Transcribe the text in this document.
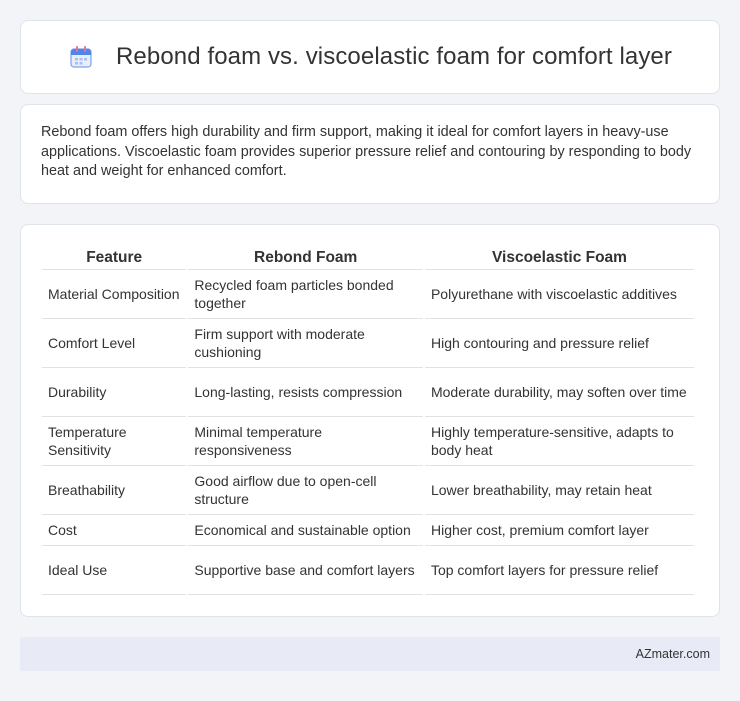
Rebond foam vs. viscoelastic foam for comfort layer

Rebond foam offers high durability and firm support, making it ideal for comfort layers in heavy-use applications. Viscoelastic foam provides superior pressure relief and contouring by responding to body heat and weight for enhanced comfort.

Feature	Rebond Foam	Viscoelastic Foam
Material Composition	Recycled foam particles bonded together	Polyurethane with viscoelastic additives
Comfort Level	Firm support with moderate cushioning	High contouring and pressure relief
Durability	Long-lasting, resists compression	Moderate durability, may soften over time
Temperature Sensitivity	Minimal temperature responsiveness	Highly temperature-sensitive, adapts to body heat
Breathability	Good airflow due to open-cell structure	Lower breathability, may retain heat
Cost	Economical and sustainable option	Higher cost, premium comfort layer
Ideal Use	Supportive base and comfort layers	Top comfort layers for pressure relief
AZmater.com
